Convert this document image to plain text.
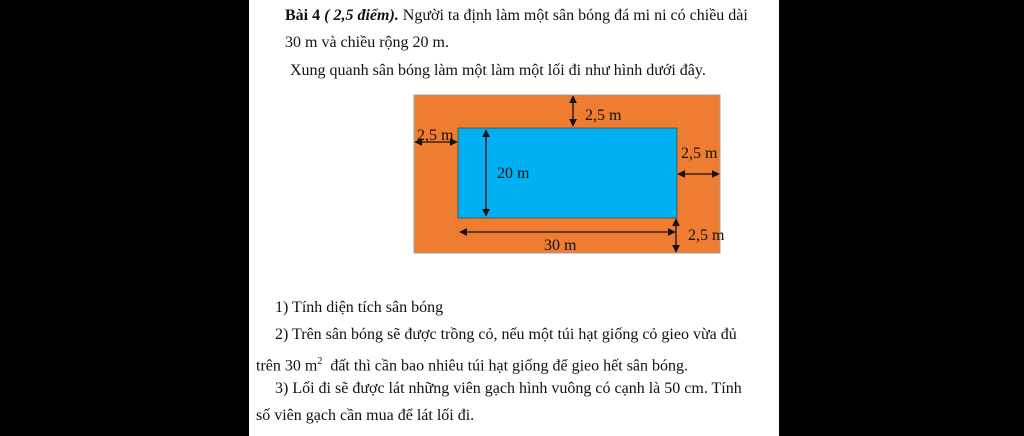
Bài 4 ( 2,5 điểm). Người ta định làm một sân bóng đá mi ni có chiều dài
30 m và chiều rộng 20 m.
Xung quanh sân bóng làm một làm một lối đi như hình dưới đây.
2,5 m
2,5 m
20 m
2,5 m
30 m
2,5 m
1) Tính diện tích sân bóng
2) Trên sân bóng sẽ được trồng cỏ, nếu một túi hạt giống cỏ gieo vừa đủ
trên 30 $m^2$  đất thì cần bao nhiêu túi hạt giống để gieo hết sân bóng.
3) Lối đi sẽ được lát những viên gạch hình vuông có cạnh là 50 cm. Tính
số viên gạch cần mua để lát lối đi.
